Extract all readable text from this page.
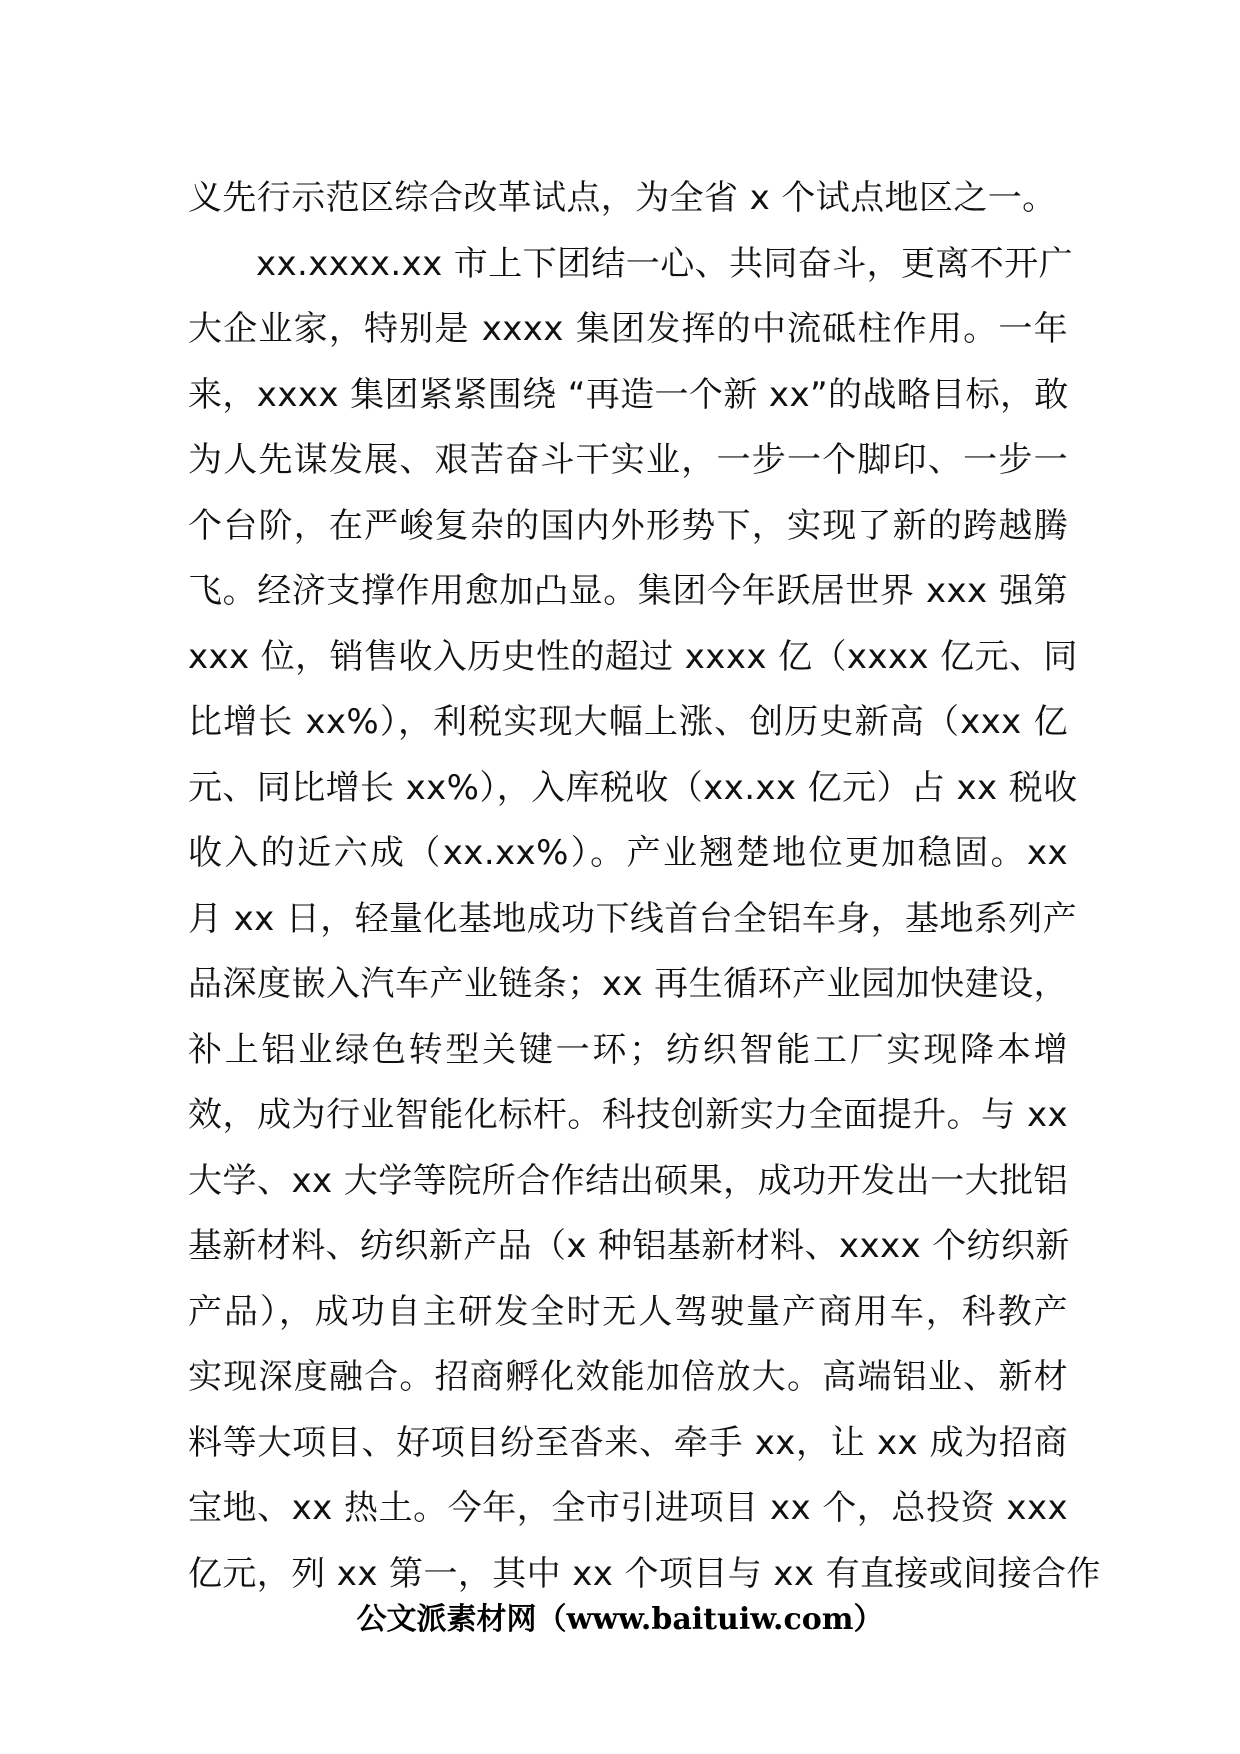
义先行示范区综合改革试点，为全省 x 个试点地区之一。
xx.xxxx.xx 市上下团结一心、共同奋斗，更离不开广
大企业家，特别是 xxxx 集团发挥的中流砥柱作用。一年
来，xxxx 集团紧紧围绕 “再造一个新 xx”的战略目标，敢
为人先谋发展、艰苦奋斗干实业，一步一个脚印、一步一
个台阶，在严峻复杂的国内外形势下，实现了新的跨越腾
飞。经济支撑作用愈加凸显。集团今年跃居世界 xxx 强第
xxx 位，销售收入历史性的超过 xxxx 亿（xxxx 亿元、同
比增长 xx%），利税实现大幅上涨、创历史新高（xxx 亿
元、同比增长 xx%），入库税收（xx.xx 亿元）占 xx 税收
收入的近六成（xx.xx%）。产业翘楚地位更加稳固。xx
月 xx 日，轻量化基地成功下线首台全铝车身，基地系列产
品深度嵌入汽车产业链条；xx 再生循环产业园加快建设，
补上铝业绿色转型关键一环；纺织智能工厂实现降本增
效，成为行业智能化标杆。科技创新实力全面提升。与 xx
大学、xx 大学等院所合作结出硕果，成功开发出一大批铝
基新材料、纺织新产品（x 种铝基新材料、xxxx 个纺织新
产品），成功自主研发全时无人驾驶量产商用车，科教产
实现深度融合。招商孵化效能加倍放大。高端铝业、新材
料等大项目、好项目纷至沓来、牵手 xx，让 xx 成为招商
宝地、xx 热土。今年，全市引进项目 xx 个，总投资 xxx
亿元，列 xx 第一，其中 xx 个项目与 xx 有直接或间接合作
公文派素材网（www.baituiw.com）
